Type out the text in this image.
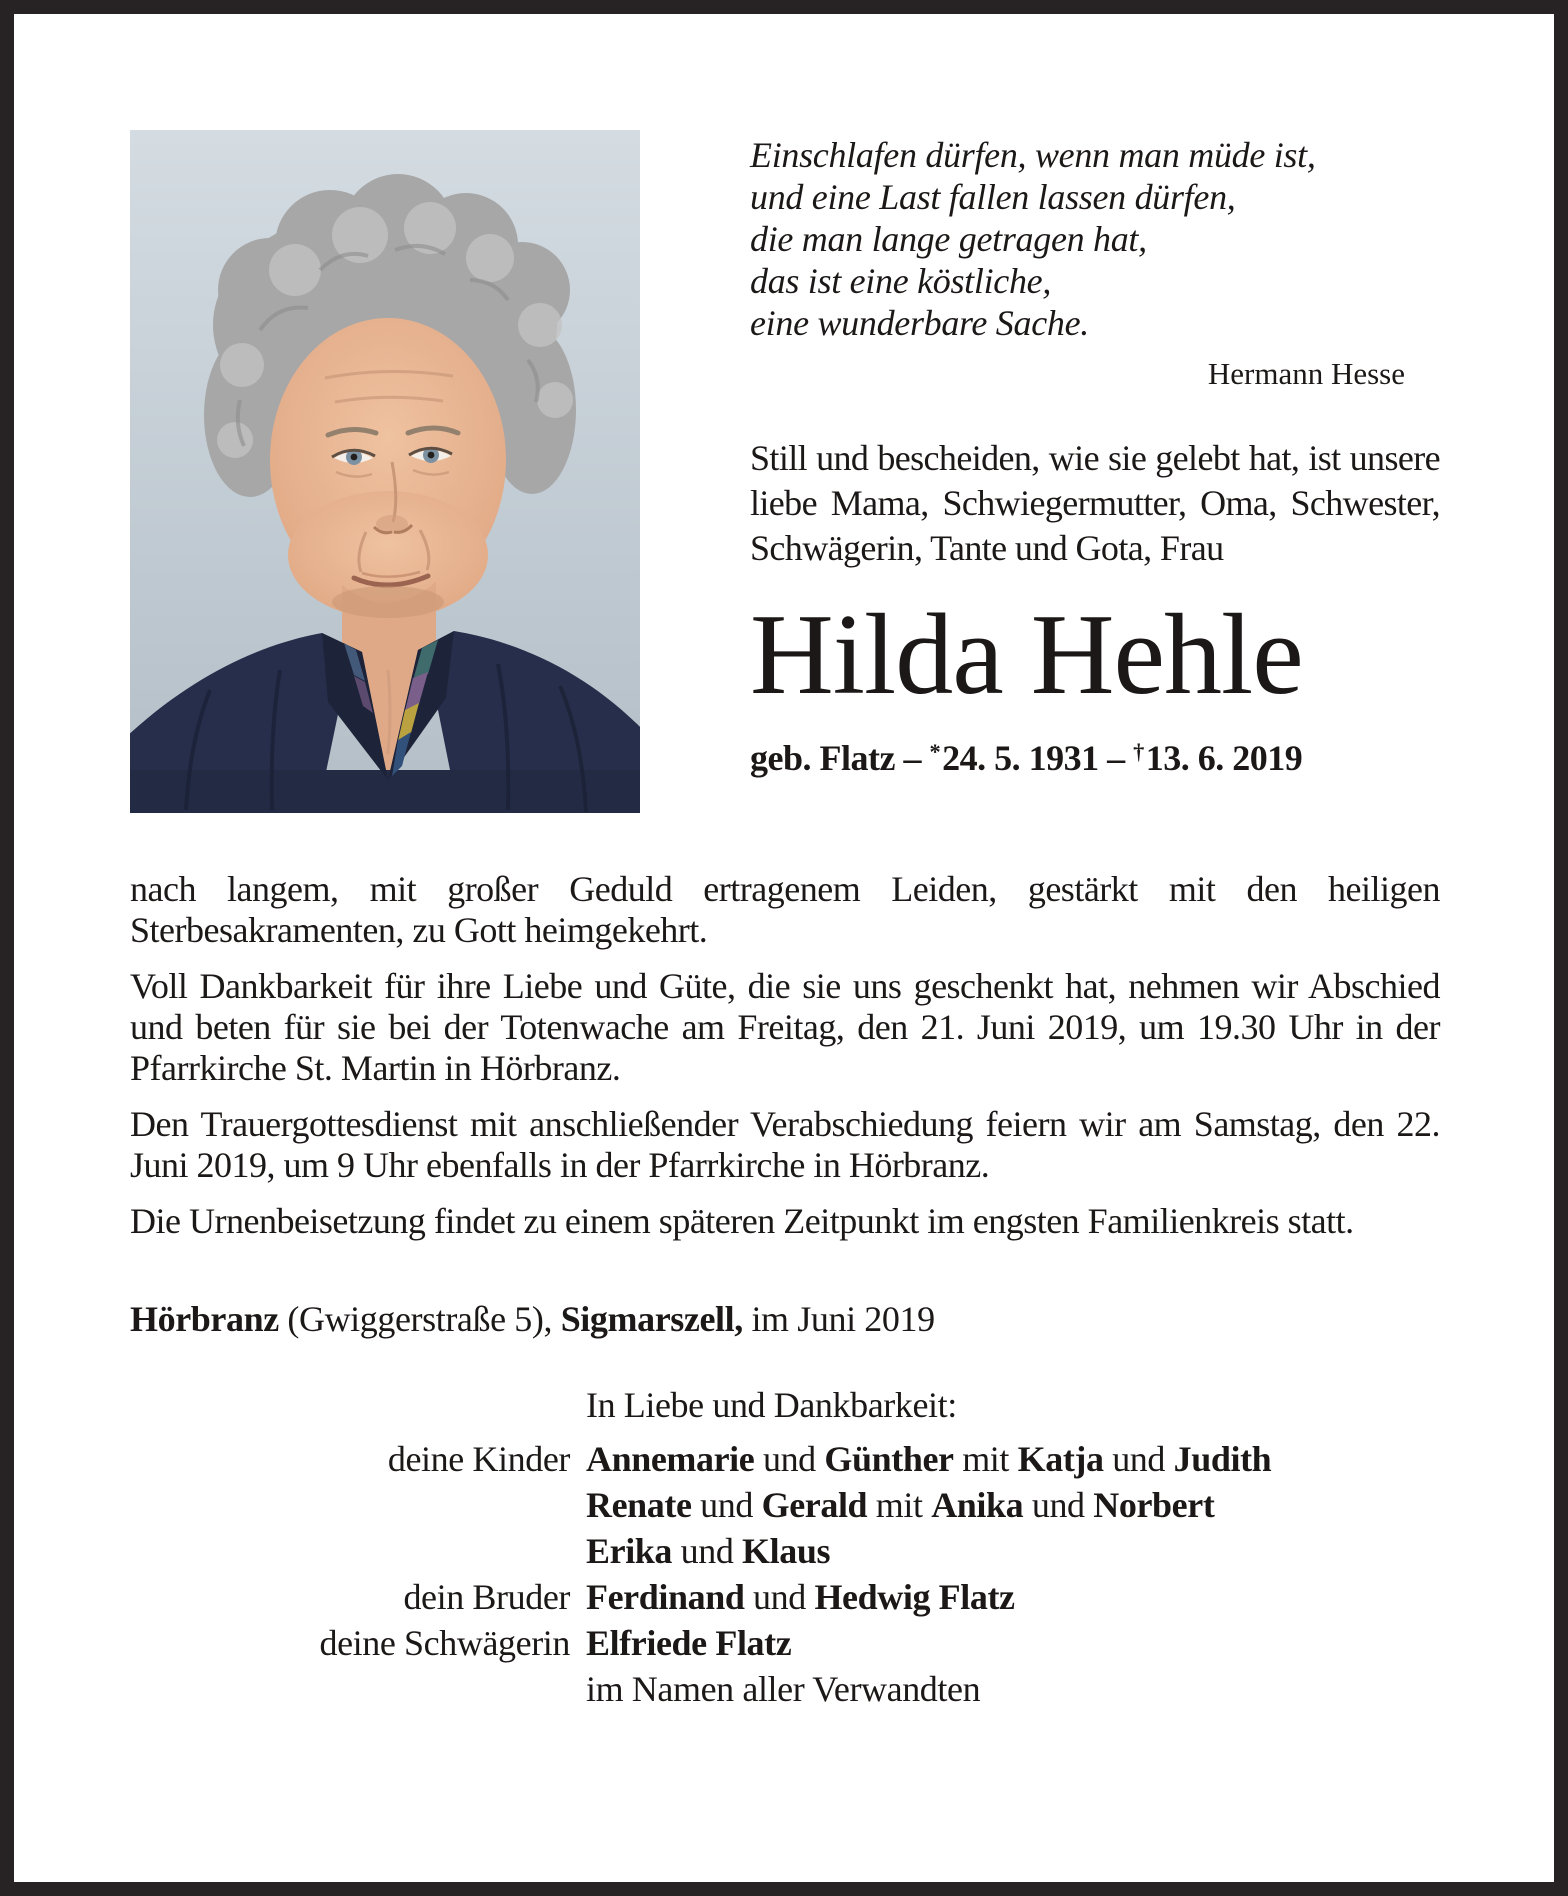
Einschlafen dürfen, wenn man müde ist,
und eine Last fallen lassen dürfen,
die man lange getragen hat,
das ist eine köstliche,
eine wunderbare Sache.
Hermann Hesse
Still und bescheiden, wie sie gelebt hat, ist unsere liebe Mama, Schwiegermutter, Oma, Schwester, Schwägerin, Tante und Gota, Frau
Hilda Hehle
geb. Flatz – *24. 5. 1931 – †13. 6. 2019
nach langem, mit großer Geduld ertragenem Leiden, gestärkt mit den heiligen Sterbesakramenten, zu Gott heimgekehrt.
Voll Dankbarkeit für ihre Liebe und Güte, die sie uns geschenkt hat, nehmen wir Abschied und beten für sie bei der Totenwache am Freitag, den 21. Juni 2019, um 19.30 Uhr in der Pfarrkirche St. Martin in Hörbranz.
Den Trauergottesdienst mit anschließender Verabschiedung feiern wir am Samstag, den 22. Juni 2019, um 9 Uhr ebenfalls in der Pfarrkirche in Hörbranz.
Die Urnenbeisetzung findet zu einem späteren Zeitpunkt im engsten Familienkreis statt.
Hörbranz (Gwiggerstraße 5), Sigmarszell, im Juni 2019
In Liebe und Dankbarkeit:
deine Kinder Annemarie und Günther mit Katja und Judith
Renate und Gerald mit Anika und Norbert
Erika und Klaus
dein Bruder Ferdinand und Hedwig Flatz
deine Schwägerin Elfriede Flatz
im Namen aller Verwandten
